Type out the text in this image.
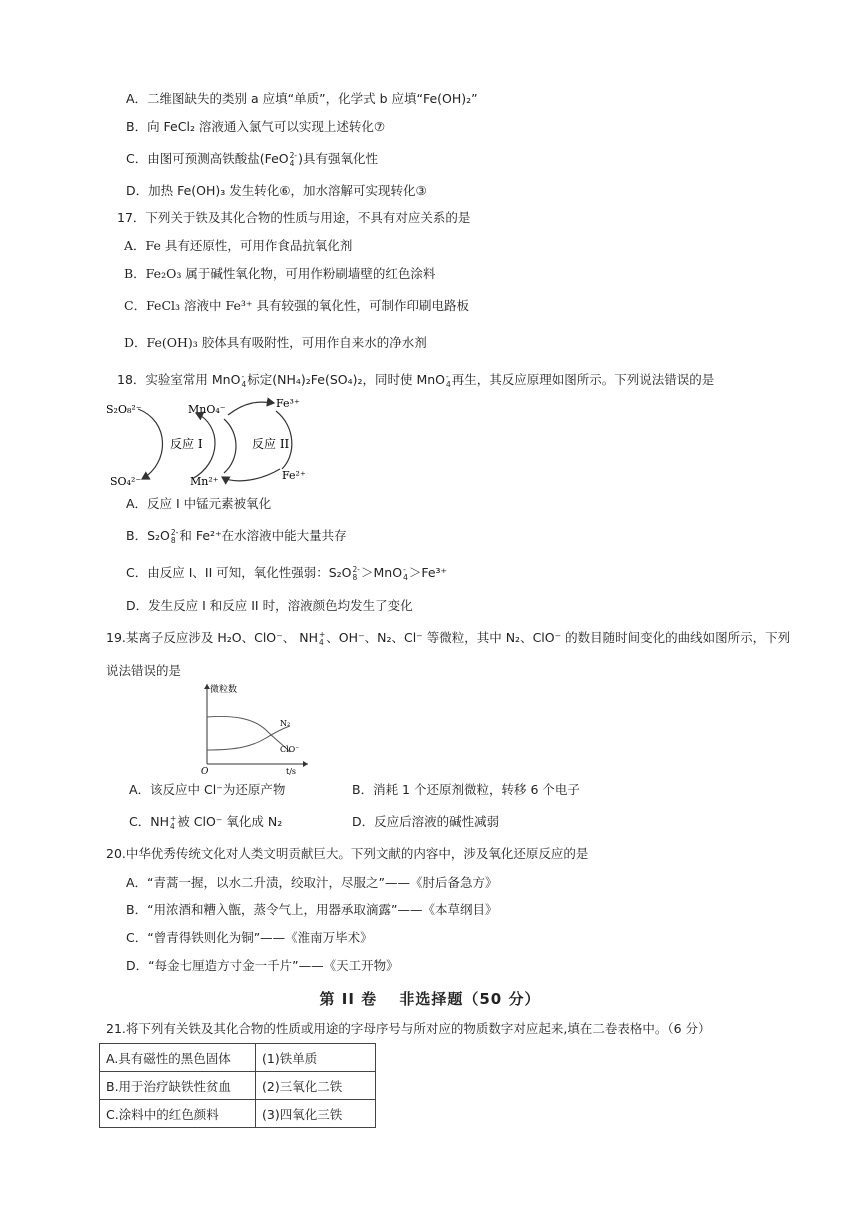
A．二维图缺失的类别 a 应填“单质”，化学式 b 应填“Fe(OH)₂”
B．向 FeCl₂ 溶液通入氯气可以实现上述转化⑦
C．由图可预测高铁酸盐(FeO 2-
4 )具有强氧化性
D．加热 Fe(OH)₃ 发生转化⑥，加水溶解可实现转化③
17．下列关于铁及其化合物的性质与用途，不具有对应关系的是
A．Fe 具有还原性，可用作食品抗氧化剂
B．Fe₂O₃ 属于碱性氧化物，可用作粉刷墙壁的红色涂料
C．FeCl₃ 溶液中 Fe³⁺ 具有较强的氧化性，可制作印刷电路板
D．Fe(OH)₃ 胶体具有吸附性，可用作自来水的净水剂
18．实验室常用 MnO -
4 标定(NH₄)₂Fe(SO₄)₂，同时使 MnO -
4 再生，其反应原理如图所示。下列说法错误的是
S₂O₈²⁻
SO₄²⁻
MnO₄⁻
Mn²⁺
Fe³⁺
Fe²⁺
反应 I	反应 II
A．反应 I 中锰元素被氧化
B．S₂O 2-
8 和 Fe²⁺在水溶液中能大量共存
C．由反应 I、II 可知，氧化性强弱：S₂O 2-
8 ＞MnO -
4 ＞Fe³⁺
D．发生反应 I 和反应 II 时，溶液颜色均发生了变化
19.某离子反应涉及 H₂O、ClO⁻、 NH +
4 、OH⁻、N₂、Cl⁻ 等微粒，其中 N₂、ClO⁻ 的数目随时间变化的曲线如图所示，下列
说法错误的是
微粒数
O	t/s
N₂
ClO⁻
A．该反应中 Cl⁻为还原产物	B．消耗 1 个还原剂微粒，转移 6 个电子
C．NH +
4 被 ClO⁻ 氧化成 N₂	D．反应后溶液的碱性减弱
20.中华优秀传统文化对人类文明贡献巨大。下列文献的内容中，涉及氧化还原反应的是
A．“青蒿一握，以水二升渍，绞取汁，尽服之”——《肘后备急方》
B．“用浓酒和糟入甑，蒸令气上，用器承取滴露”——《本草纲目》
C．“曾青得铁则化为铜”——《淮南万毕术》
D．“每金七厘造方寸金一千片”——《天工开物》
第 II 卷　 非选择题（50 分）
21.将下列有关铁及其化合物的性质或用途的字母序号与所对应的物质数字对应起来,填在二卷表格中。（6 分）
A.具有磁性的黑色固体	(1)铁单质
B.用于治疗缺铁性贫血	(2)三氧化二铁
C.涂料中的红色颜料	(3)四氧化三铁
